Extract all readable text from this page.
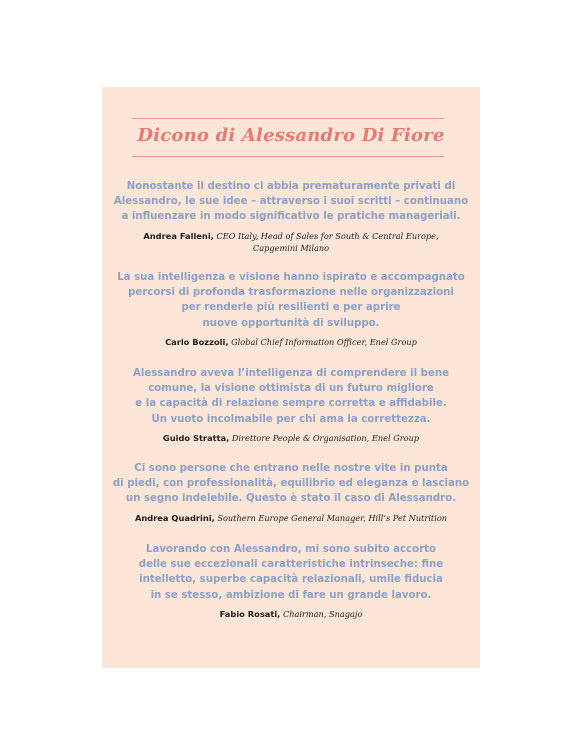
Dicono di Alessandro Di Fiore

Nonostante il destino ci abbia prematuramente privati di
Alessandro, le sue idee – attraverso i suoi scritti – continuano
a influenzare in modo significativo le pratiche manageriali.

Andrea Falleni, CEO Italy, Head of Sales for South & Central Europe,
Capgemini Milano

La sua intelligenza e visione hanno ispirato e accompagnato
percorsi di profonda trasformazione nelle organizzazioni
per renderle più resilienti e per aprire
nuove opportunità di sviluppo.

Carlo Bozzoli, Global Chief Information Officer, Enel Group

Alessandro aveva l’intelligenza di comprendere il bene
comune, la visione ottimista di un futuro migliore
e la capacità di relazione sempre corretta e affidabile.
Un vuoto incolmabile per chi ama la correttezza.

Guido Stratta, Direttore People & Organisation, Enel Group

Ci sono persone che entrano nelle nostre vite in punta
di piedi, con professionalità, equilibrio ed eleganza e lasciano
un segno indelebile. Questo è stato il caso di Alessandro.

Andrea Quadrini, Southern Europe General Manager, Hill’s Pet Nutrition

Lavorando con Alessandro, mi sono subito accorto
delle sue eccezionali caratteristiche intrinseche: fine
intelletto, superbe capacità relazionali, umile fiducia
in se stesso, ambizione di fare un grande lavoro.

Fabio Rosati, Chairman, Snagajo
